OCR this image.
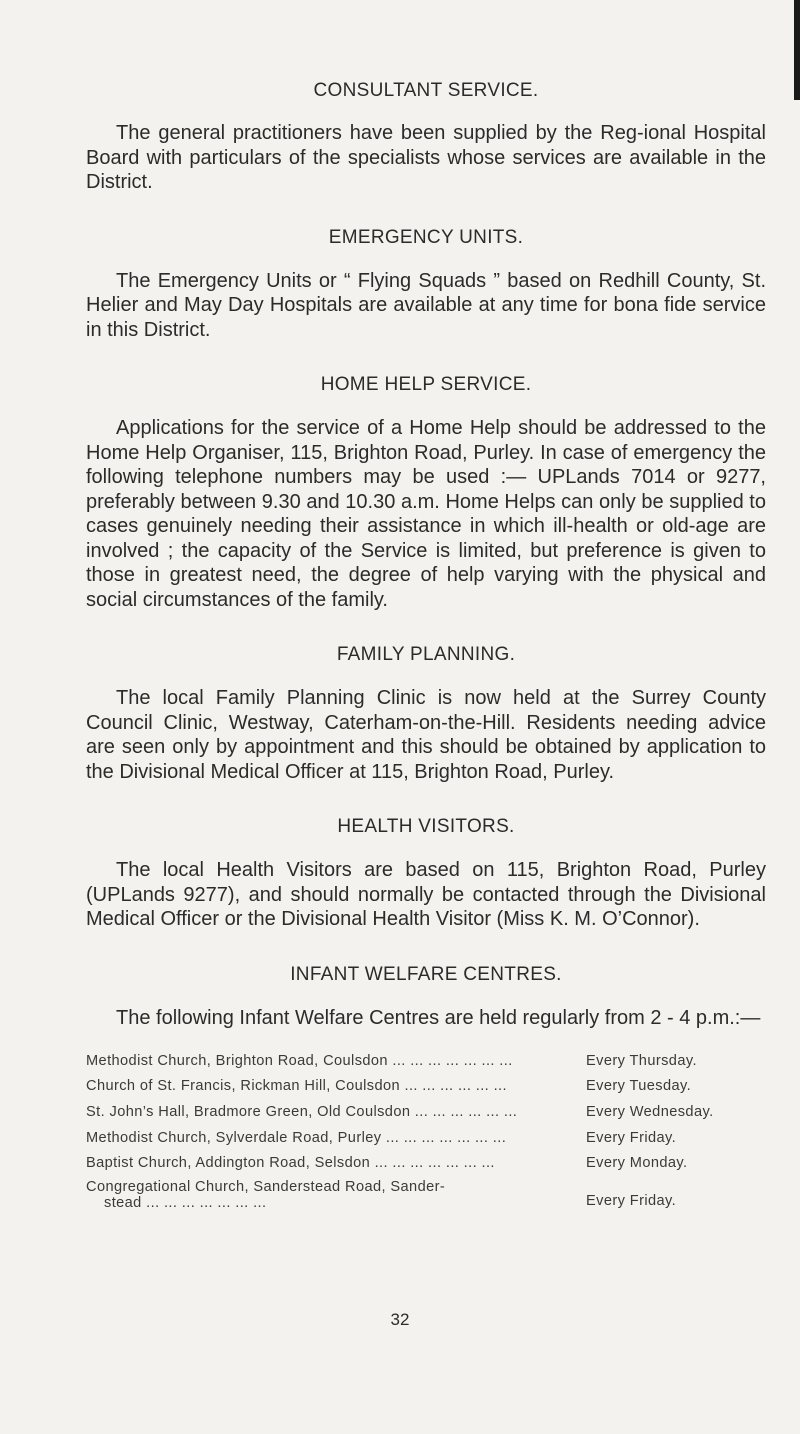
CONSULTANT SERVICE.

The general practitioners have been supplied by the Reg-ional Hospital Board with particulars of the specialists whose services are available in the District.

EMERGENCY UNITS.

The Emergency Units or “ Flying Squads ” based on Redhill County, St. Helier and May Day Hospitals are available at any time for bona fide service in this District.

HOME HELP SERVICE.

Applications for the service of a Home Help should be addressed to the Home Help Organiser, 115, Brighton Road, Purley. In case of emergency the following telephone numbers may be used :— UPLands 7014 or 9277, preferably between 9.30 and 10.30 a.m. Home Helps can only be supplied to cases genuinely needing their assistance in which ill-health or old-age are involved ; the capacity of the Service is limited, but preference is given to those in greatest need, the degree of help varying with the physical and social circumstances of the family.

FAMILY PLANNING.

The local Family Planning Clinic is now held at the Surrey County Council Clinic, Westway, Caterham-on-the-Hill. Residents needing advice are seen only by appointment and this should be obtained by application to the Divisional Medical Officer at 115, Brighton Road, Purley.

HEALTH VISITORS.

The local Health Visitors are based on 115, Brighton Road, Purley (UPLands 9277), and should normally be contacted through the Divisional Medical Officer or the Divisional Health Visitor (Miss K. M. O’Connor).

INFANT WELFARE CENTRES.

The following Infant Welfare Centres are held regularly from 2 - 4 p.m.:—

Methodist Church, Brighton Road, Coulsdon ... ... ... ... ... ... ...	Every Thursday.
Church of St. Francis, Rickman Hill, Coulsdon ... ... ... ... ... ...	Every Tuesday.
St. John’s Hall, Bradmore Green, Old Coulsdon ... ... ... ... ... ...	Every Wednesday.
Methodist Church, Sylverdale Road, Purley ... ... ... ... ... ... ...	Every Friday.
Baptist Church, Addington Road, Selsdon ... ... ... ... ... ... ...	Every Monday.
Congregational Church, Sanderstead Road, Sander-
stead ... ... ... ... ... ... ...	Every Friday.
32
